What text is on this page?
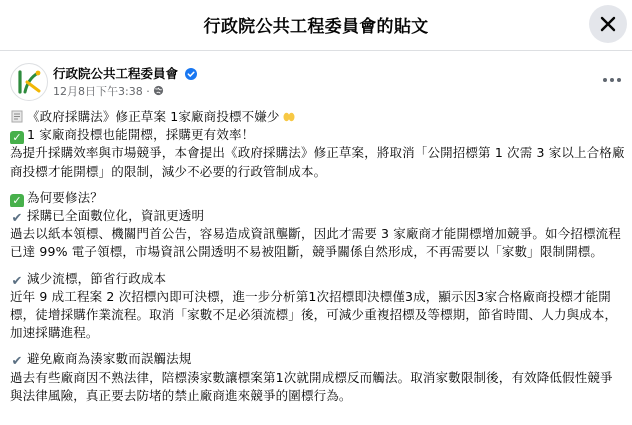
行政院公共工程委員會的貼文
行政院公共工程委員會
12月8日下午3:38 ·
《政府採購法》修正草案 1家廠商投標不嫌少
✓ 1 家廠商投標也能開標，採購更有效率！
為提升採購效率與市場競爭，本會提出《政府採購法》修正草案，將取消「公開招標第 1 次需 3 家以上合格廠商投標才能開標」的限制，減少不必要的行政管制成本。
✓ 為何要修法？
✔ 採購已全面數位化，資訊更透明
過去以紙本領標、機關門首公告，容易造成資訊壟斷，因此才需要 3 家廠商才能開標增加競爭。如今招標流程已達 99% 電子領標，市場資訊公開透明不易被阻斷，競爭關係自然形成，不再需要以「家數」限制開標。
✔ 減少流標，節省行政成本
近年 9 成工程案 2 次招標內即可決標，進一步分析第1次招標即決標僅3成，顯示因3家合格廠商投標才能開標，徒增採購作業流程。取消「家數不足必須流標」後，可減少重複招標及等標期，節省時間、人力與成本，加速採購進程。
✔ 避免廠商為湊家數而誤觸法規
過去有些廠商因不熟法律，陪標湊家數讓標案第1次就開成標反而觸法。取消家數限制後，有效降低假性競爭與法律風險，真正要去防堵的禁止廠商進來競爭的圍標行為。
